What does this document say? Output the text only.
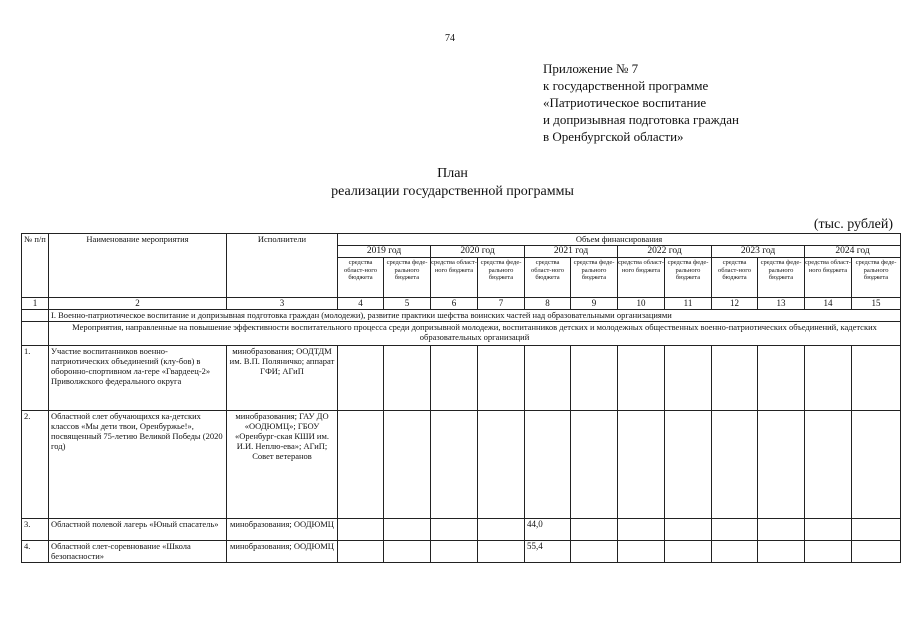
74
Приложение № 7
к государственной программе
«Патриотическое воспитание
и допризывная подготовка граждан
в Оренбургской области»
План
реализации государственной программы
(тыс. рублей)
№ п/п	Наименование мероприятия	Исполнители	Объем финансирования											
			2019 год		2020 год		2021 год		2022 год		2023 год		2024 год	
			средства област-ного бюджета	средства феде-рального бюджета	средства област-ного бюджета	средства феде-рального бюджета	средства област-ного бюджета	средства феде-рального бюджета	средства област-ного бюджета	средства феде-рального бюджета	средства област-ного бюджета	средства феде-рального бюджета	средства област-ного бюджета	средства феде-рального бюджета
1	2	3	4	5	6	7	8	9	10	11	12	13	14	15
	I. Военно-патриотическое воспитание и допризывная подготовка граждан (молодежи), развитие практики шефства воинских частей над образовательными организациями													
	Мероприятия, направленные на повышение эффективности воспитательного процесса среди допризывной молодежи, воспитанников детских и молодежных общественных военно-патриотических объединений, кадетских образовательных организаций													
1.	Участие воспитанников военно-патриотических объединений (клу-бов) в оборонно-спортивном ла-гере «Гвардеец-2» Приволжского федерального округа	минобразования; ООДТДМ им. В.П. Поляничко; аппарат ГФИ; АГиП												
2.	Областной слет обучающихся ка-детских классов «Мы дети твои, Оренбуржье!», посвященный 75-летию Великой Победы (2020 год)	минобразования; ГАУ ДО «ООДЮМЦ»; ГБОУ «Оренбург-ская КШИ им. И.И. Неплю-ева»; АГиП; Совет ветеранов												
3.	Областной полевой лагерь «Юный спасатель»	минобразования; ООДЮМЦ					44,0							
4.	Областной слет-соревнование «Школа безопасности»	минобразования; ООДЮМЦ					55,4							
